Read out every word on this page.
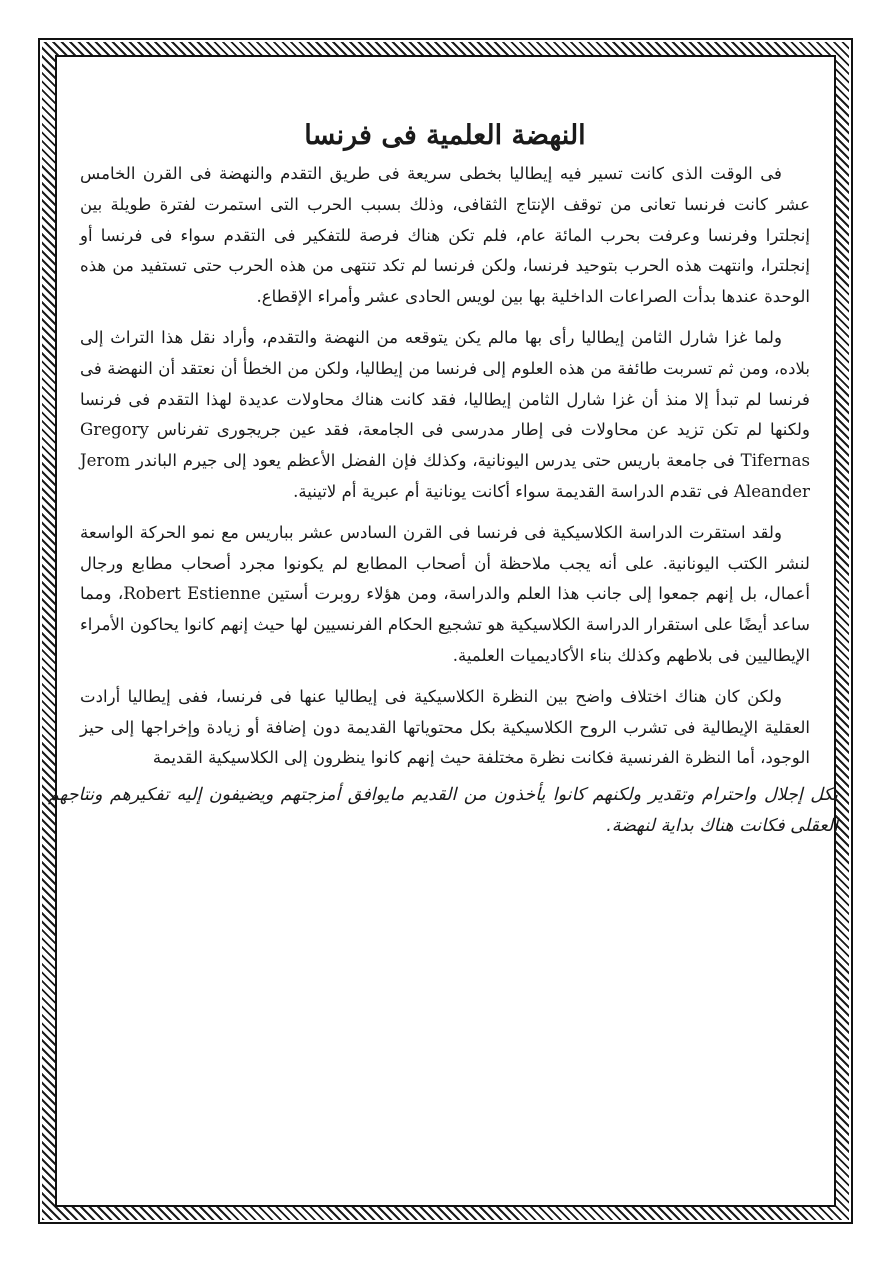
النهضة العلمية فى فرنسا

فى الوقت الذى كانت تسير فيه إيطاليا بخطى سريعة فى طريق التقدم والنهضة فى القرن الخامس عشر كانت فرنسا تعانى من توقف الإنتاج الثقافى، وذلك بسبب الحرب التى استمرت لفترة طويلة بين إنجلترا وفرنسا وعرفت بحرب المائة عام، فلم تكن هناك فرصة للتفكير فى التقدم سواء فى فرنسا أو إنجلترا، وانتهت هذه الحرب بتوحيد فرنسا، ولكن فرنسا لم تكد تنتهى من هذه الحرب حتى تستفيد من هذه الوحدة عندها بدأت الصراعات الداخلية بها بين لويس الحادى عشر وأمراء الإقطاع.

ولما غزا شارل الثامن إيطاليا رأى بها مالم يكن يتوقعه من النهضة والتقدم، وأراد نقل هذا التراث إلى بلاده، ومن ثم تسربت طائفة من هذه العلوم إلى فرنسا من إيطاليا، ولكن من الخطأ أن نعتقد أن النهضة فى فرنسا لم تبدأ إلا منذ أن غزا شارل الثامن إيطاليا، فقد كانت هناك محاولات عديدة لهذا التقدم فى فرنسا ولكنها لم تكن تزيد عن محاولات فى إطار مدرسى فى الجامعة، فقد عين جريجورى تفرناس Gregory Tifernas فى جامعة باريس حتى يدرس اليونانية، وكذلك فإن الفضل الأعظم يعود إلى جيرم الباندر Jerom Aleander فى تقدم الدراسة القديمة سواء أكانت يونانية أم عبرية أم لاتينية.

ولقد استقرت الدراسة الكلاسيكية فى فرنسا فى القرن السادس عشر بباريس مع نمو الحركة الواسعة لنشر الكتب اليونانية. على أنه يجب ملاحظة أن أصحاب المطابع لم يكونوا مجرد أصحاب مطابع ورجال أعمال، بل إنهم جمعوا إلى جانب هذا العلم والدراسة، ومن هؤلاء روبرت أستين Robert Estienne، ومما ساعد أيضًا على استقرار الدراسة الكلاسيكية هو تشجيع الحكام الفرنسيين لها حيث إنهم كانوا يحاكون الأمراء الإيطاليين فى بلاطهم وكذلك بناء الأكاديميات العلمية.

ولكن كان هناك اختلاف واضح بين النظرة الكلاسيكية فى إيطاليا عنها فى فرنسا، ففى إيطاليا أرادت العقلية الإيطالية فى تشرب الروح الكلاسيكية بكل محتوياتها القديمة دون إضافة أو زيادة وإخراجها إلى حيز الوجود، أما النظرة الفرنسية فكانت نظرة مختلفة حيث إنهم كانوا ينظرون إلى الكلاسيكية القديمة

بكل إجلال واحترام وتقدير ولكنهم كانوا يأخذون من القديم مايوافق أمزجتهم ويضيفون إليه تفكيرهم ونتاجهم العقلى فكانت هناك بداية لنهضة.
